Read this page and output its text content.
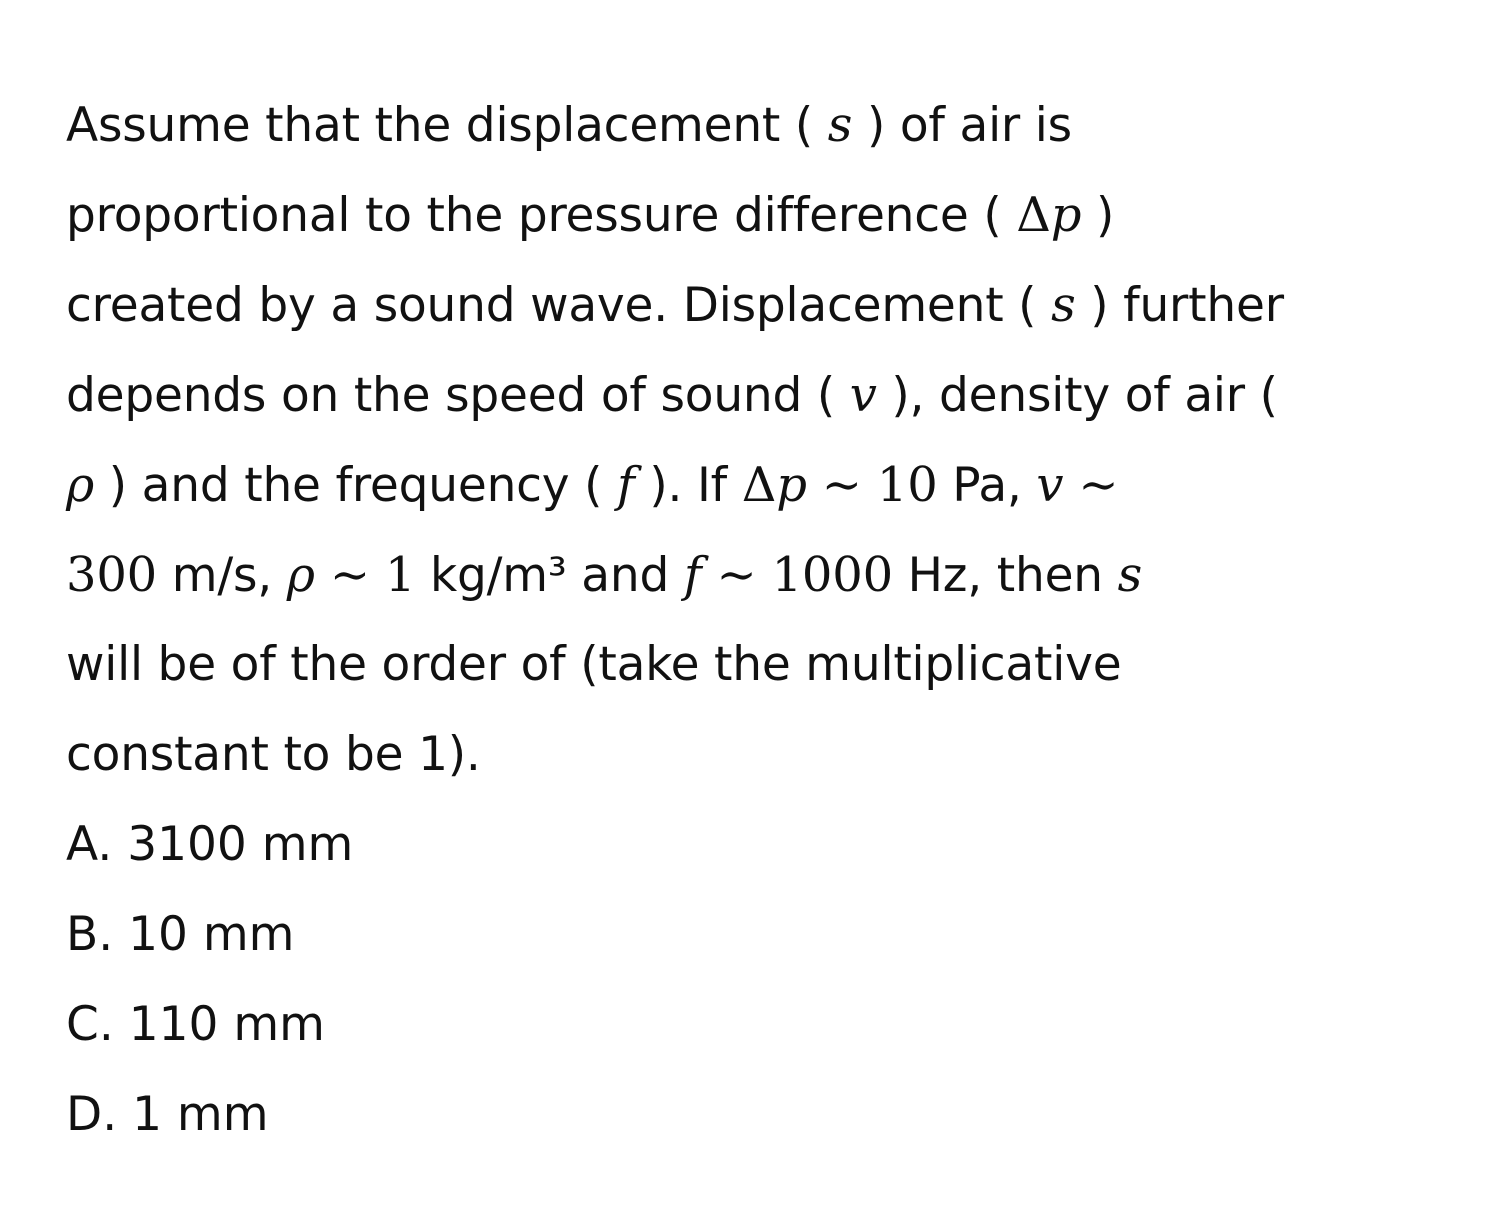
Assume that the displacement ( s ) of air is
proportional to the pressure difference ( Δp )
created by a sound wave. Displacement ( s ) further
depends on the speed of sound ( v ), density of air (
ρ ) and the frequency ( f ). If Δp ∼ 10 Pa, v ∼
300 m/s, ρ ∼ 1 kg/m³ and f ∼ 1000 Hz, then s
will be of the order of (take the multiplicative
constant to be 1).
A. 3100 mm
B. 10 mm
C. 110 mm
D. 1 mm
